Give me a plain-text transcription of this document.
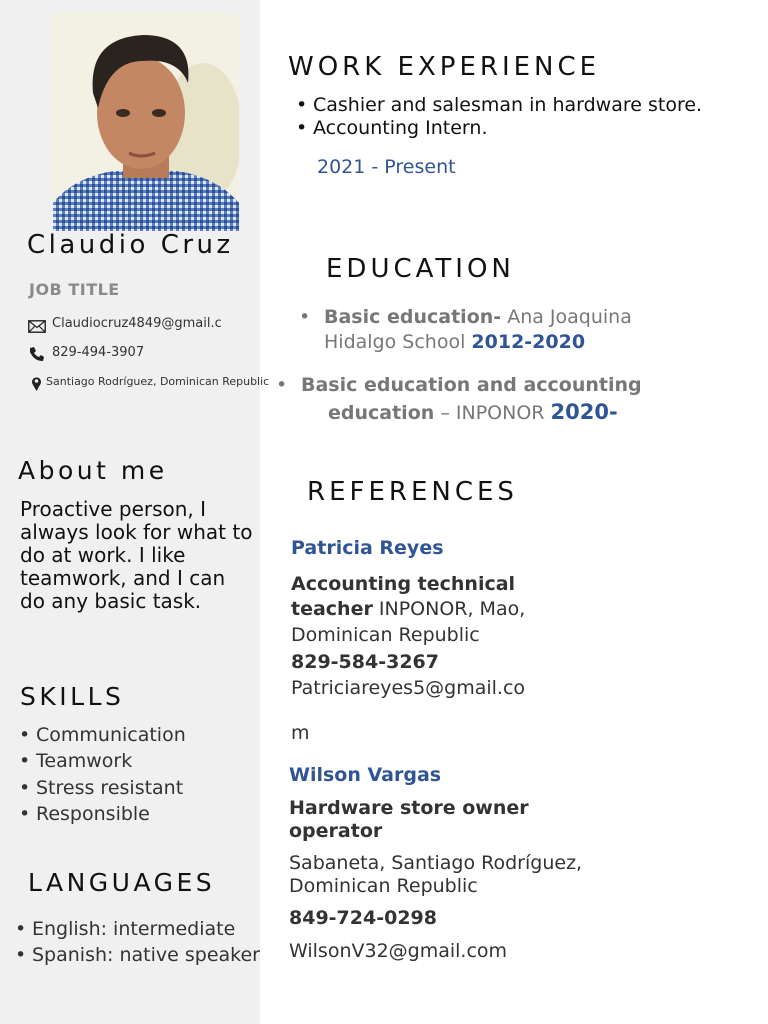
Claudio Cruz
JOB TITLE
Claudiocruz4849@gmail.c
829-494-3907
Santiago Rodríguez, Dominican Republic
About me
Proactive person, I always look for what to do at work. I like teamwork, and I can do any basic task.
SKILLS
• Communication
• Teamwork
• Stress resistant
• Responsible
LANGUAGES
• English: intermediate
• Spanish: native speaker
WORK EXPERIENCE
• Cashier and salesman in hardware store.
• Accounting Intern.
2021 - Present
EDUCATION
• Basic education- Ana Joaquina
Hidalgo School 2012-2020
• Basic education and accounting
education – INPONOR 2020-
REFERENCES
Patricia Reyes
Accounting technical
teacher INPONOR, Mao,
Dominican Republic
829-584-3267
Patriciareyes5@gmail.co
m
Wilson Vargas
Hardware store owner
operator
Sabaneta, Santiago Rodríguez,
Dominican Republic
849-724-0298
WilsonV32@gmail.com
